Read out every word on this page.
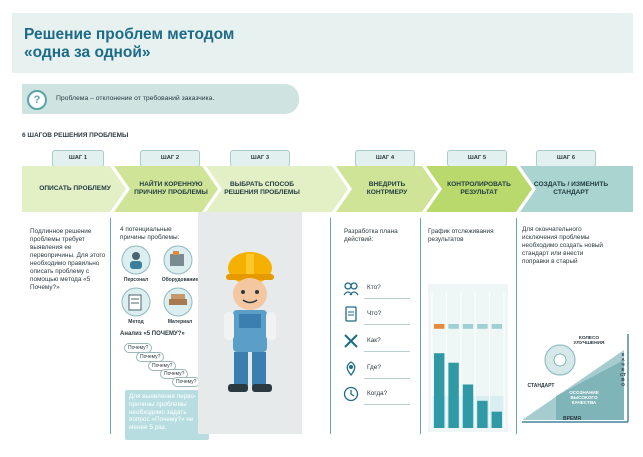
Решение проблем методом
«одна за одной»
?	Проблема – отклонение от требований заказчика.
6 ШАГОВ РЕШЕНИЯ ПРОБЛЕМЫ
ШАГ 1	ШАГ 2	ШАГ 3	ШАГ 4	ШАГ 5	ШАГ 6
ОПИСАТЬ ПРОБЛЕМУ
НАЙТИ КОРЕННУЮ ПРИЧИНУ ПРОБЛЕМЫ
ВЫБРАТЬ СПОСОБ РЕШЕНИЯ ПРОБЛЕМЫ
ВНЕДРИТЬ КОНТРМЕРУ
КОНТРОЛИРОВАТЬ РЕЗУЛЬТАТ
СОЗДАТЬ / ИЗМЕНИТЬ СТАНДАРТ
Подлинное решение проблемы требует выявления ее первопричины. Для этого необходимо правильно описать проблему с помощью метода «5 Почему?»
4 потенциальные причины проблемы:
Персонал	Оборудование
Метод	Материал
Анализ «5 ПОЧЕМУ?»
Почему?
Почему?
Почему?
Почему?
Почему?
Для выявления перво-причины проблемы необходимо задать вопрос «Почему?» не менее 5 раз.
Разработка плана действий:
Кто?
Что?
Как?
Где?
Когда?
График отслеживания результатов
Для окончательного исключения проблемы необходимо создать новый стандарт или внести поправки в старый
КОЛЕСО УЛУЧШЕНИЯ
СТАНДАРТ
ОСОЗНАНИЕ ВЫСОКОГО КАЧЕСТВА
КАЧЕСТВО
ВРЕМЯ
